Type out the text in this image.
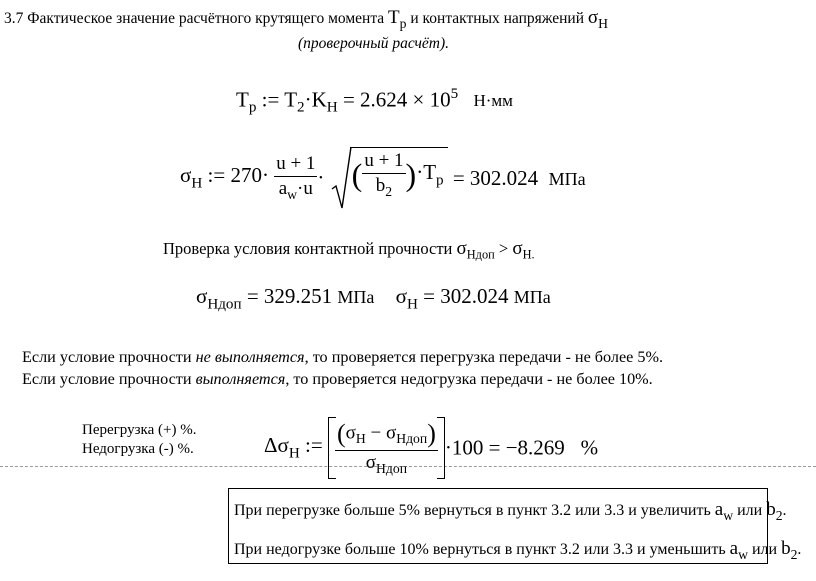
3.7 Фактическое значение расчётного крутящего момента $T_p$ и контактных напряжений $\sigma_H$
(проверочный расчёт).
$T_p$ := $T_2\cdot K_H = 2.624 \times 10^5$ Н·мм
$\sigma_H$ := $270\cdot \frac{u + 1}{a_w\cdot u}$ · ( $\frac{u + 1}{b_2} )\cdot T_p = 302.024$ МПа
Проверка условия контактной прочности $\sigma_{Hдоп} > \sigma_{H.}$
$\sigma_{Hдоп} = 329.251$ МПа $\sigma_H = 302.024$ МПа
Если условие прочности не выполняется, то проверяется перегрузка передачи - не более 5%.
Если условие прочности выполняется, то проверяется недогрузка передачи - не более 10%.
Перегрузка (+) %.
Недогрузка (-) %.	$\Delta\sigma_H$ := $\frac{(\sigma_H - \sigma_{Hдоп})}{\sigma_{Hдоп}} \cdot 100 = -8.269$ %
При перегрузке больше 5% вернуться в пункт 3.2 или 3.3 и увеличить $a_w$ или $b_2$.
При недогрузке больше 10% вернуться в пункт 3.2 или 3.3 и уменьшить $a_w$ или $b_2$.
